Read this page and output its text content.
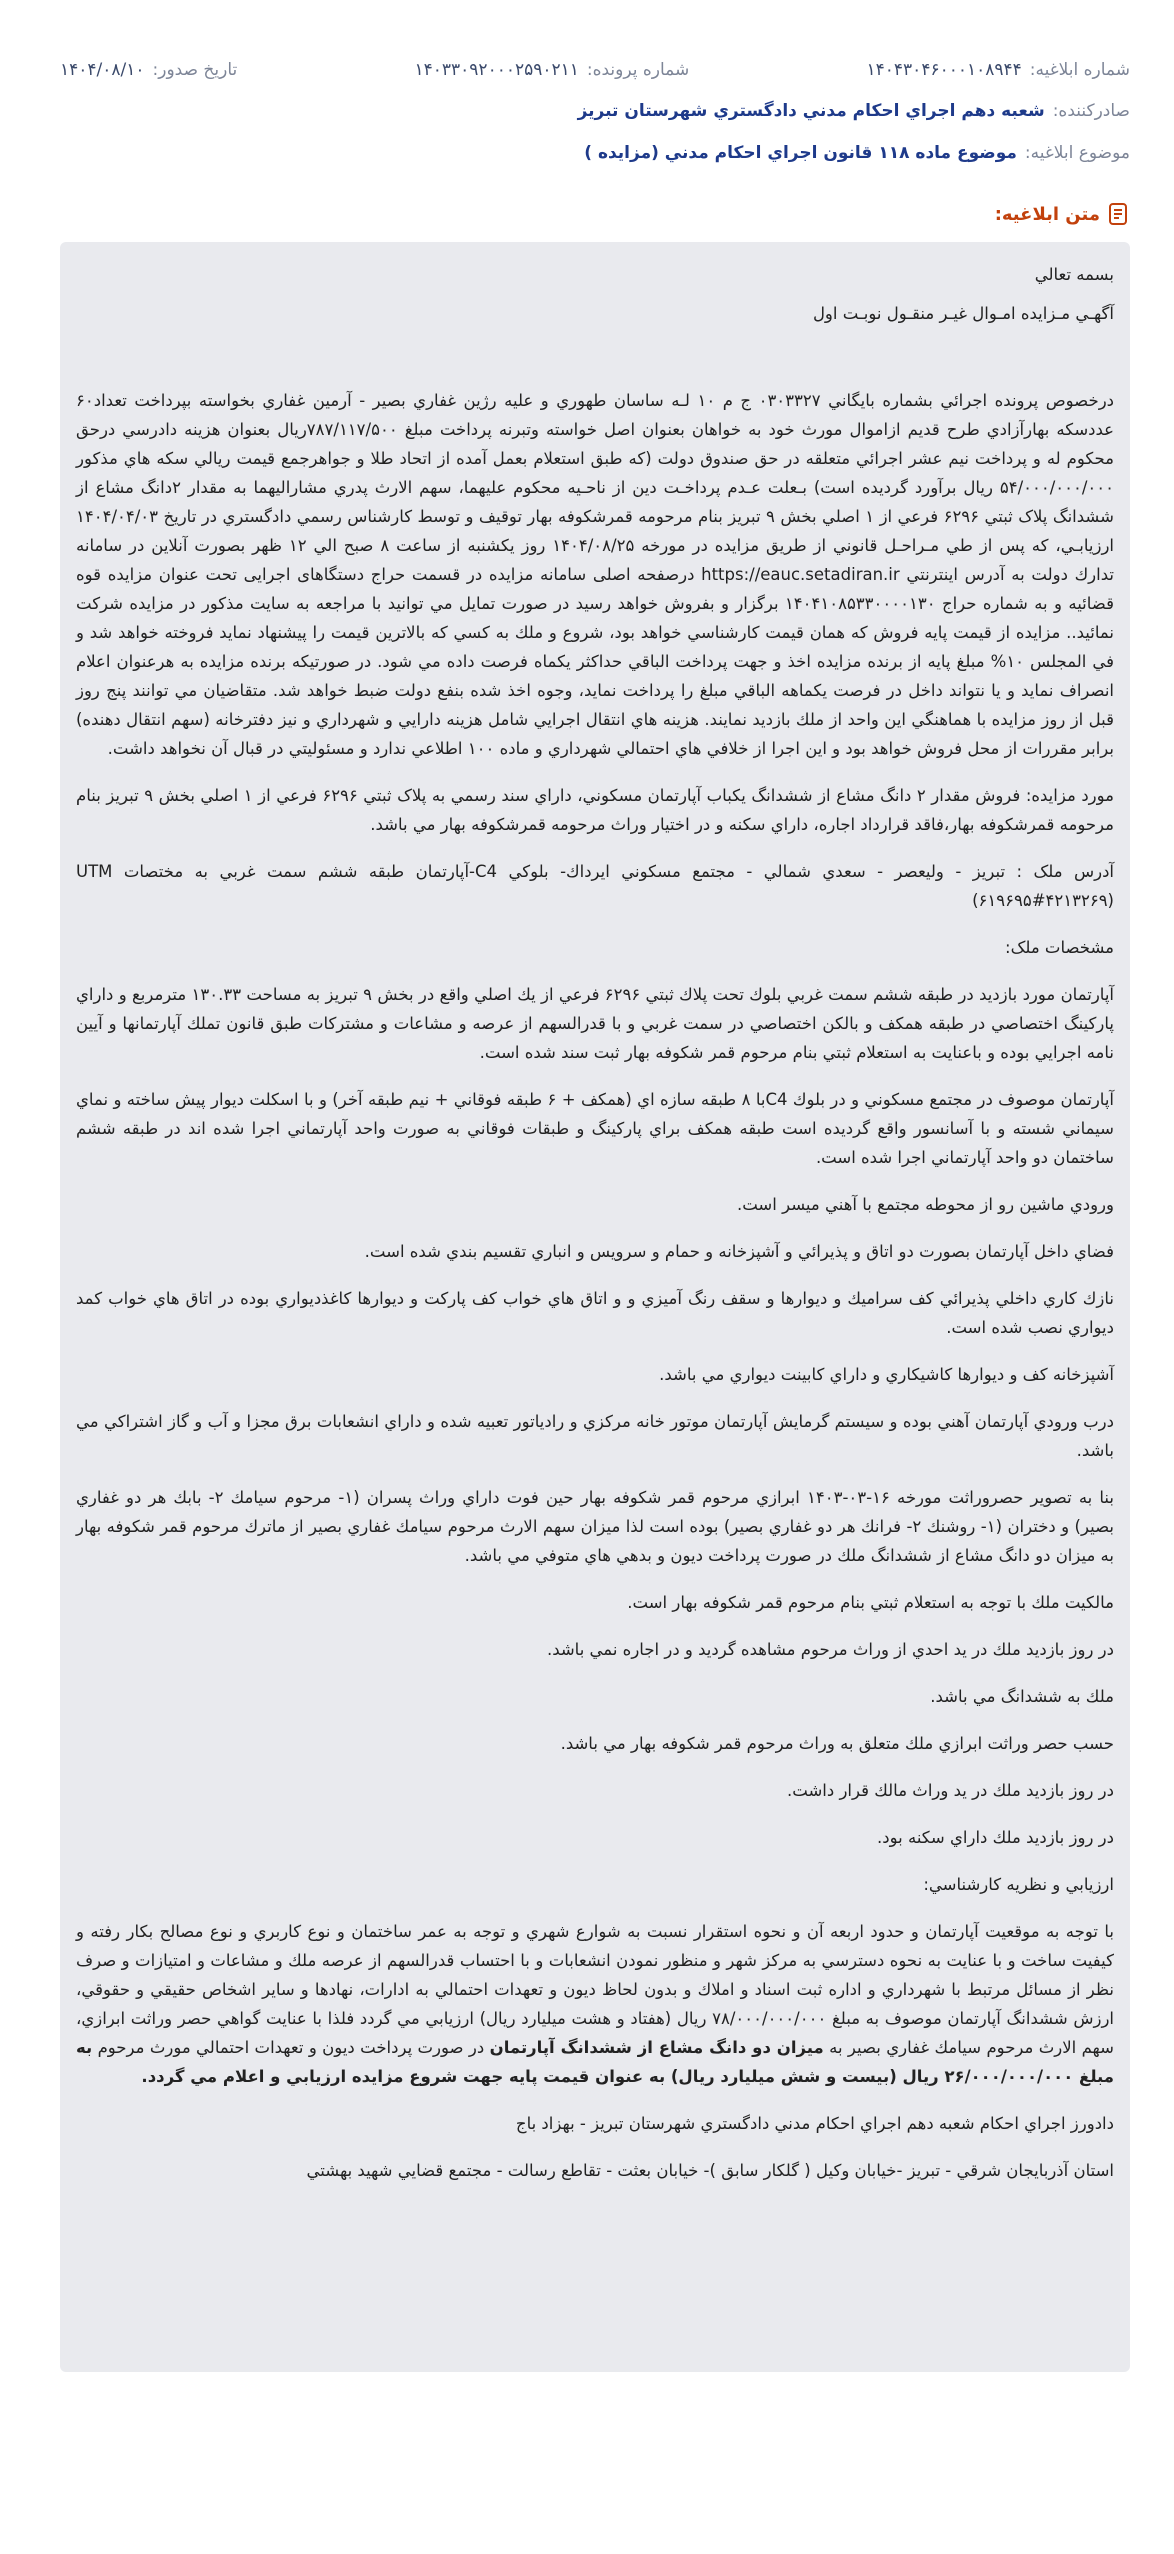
شماره ابلاغیه:
۱۴۰۴۳۰۴۶۰۰۰۱۰۸۹۴۴
شماره پرونده:
۱۴۰۳۳۰۹۲۰۰۰۲۵۹۰۲۱۱
تاریخ صدور:
۱۴۰۴/۰۸/۱۰
صادرکننده:
شعبه دهم اجراي احكام مدني دادگستري شهرستان تبريز
موضوع ابلاغیه:
موضوع ماده ۱۱۸ قانون اجراي احكام مدني (مزايده )
متن ابلاغیه:

بسمه تعالي

آگهـي مـزايده امـوال غيـر منقـول نوبـت اول

درخصوص پرونده اجرائي بشماره بايگاني ۰۳۰۳۳۲۷ ج م ۱۰ لـه ساسان طهوري و عليه رژين غفاري بصير - آرمين غفاري بخواسته بپرداخت تعداد۶۰ عددسکه بهارآزادي طرح قديم ازاموال مورث خود به خواهان بعنوان اصل خواسته وتبرنه پرداخت مبلغ ۷۸۷/۱۱۷/۵۰۰ريال بعنوان هزينه دادرسي درحق محکوم له و پرداخت نيم عشر اجرائي متعلقه در حق صندوق دولت (که طبق استعلام بعمل آمده از اتحاد طلا و جواهرجمع قيمت ريالي سکه هاي مذکور ۵۴/۰۰۰/۰۰۰/۰۰۰ ريال برآورد گرديده است) بـعلت عـدم پرداخـت دين از ناحـيه محکوم عليهما، سهم الارث پدري مشاراليهما به مقدار ۲دانگ مشاع از ششدانگ پلاک ثبتي ۶۲۹۶ فرعي از ۱ اصلي بخش ۹ تبريز بنام مرحومه قمرشکوفه بهار توقيف و توسط کارشناس رسمي دادگستري در تاريخ ۱۴۰۴/۰۴/۰۳ ارزيابـي، كه پس از طي مـراحـل قانوني از طريق مزايده در مورخه ۱۴۰۴/۰۸/۲۵ روز يكشنبه از ساعت ۸ صبح الي ۱۲ ظهر بصورت آنلاين در سامانه تدارك دولت به آدرس اينترنتي https://eauc.setadiran.ir درصفحه اصلی سامانه مزايده در قسمت حراج دستگاهای اجرایی تحت عنوان مزایده قوه قضائيه و به شماره حراج ۱۴۰۴۱۰۸۵۳۳۰۰۰۰۱۳۰ برگزار و بفروش خواهد رسيد در صورت تمايل مي توانيد با مراجعه به سايت مذكور در مزايده شركت نمائيد.. مزايده از قيمت پايه فروش كه همان قيمت كارشناسي خواهد بود، شروع و ملك به كسي كه بالاترين قيمت را پيشنهاد نمايد فروخته خواهد شد و في المجلس ۱۰% مبلغ پايه از برنده مزايده اخذ و جهت پرداخت الباقي حداكثر يكماه فرصت داده مي شود. در صورتيكه برنده مزايده به هرعنوان اعلام انصراف نمايد و يا نتواند داخل در فرصت يكماهه الباقي مبلغ را پرداخت نمايد، وجوه اخذ شده بنفع دولت ضبط خواهد شد. متقاضيان مي توانند پنج روز قبل از روز مزايده با هماهنگي اين واحد از ملك بازديد نمايند. هزينه هاي انتقال اجرايي شامل هزينه دارايي و شهرداري و نيز دفترخانه (سهم انتقال دهنده) برابر مقررات از محل فروش خواهد بود و اين اجرا از خلافي هاي احتمالي شهرداري و ماده ۱۰۰ اطلاعي ندارد و مسئوليتي در قبال آن نخواهد داشت.

مورد مزايده: فروش مقدار ۲ دانگ مشاع از ششدانگ يکباب آپارتمان مسکوني، داراي سند رسمي به پلاک ثبتي ۶۲۹۶ فرعي از ۱ اصلي بخش ۹ تبريز بنام مرحومه قمرشکوفه بهار،فاقد قرارداد اجاره، داراي سکنه و در اختيار وراث مرحومه قمرشکوفه بهار مي باشد.

آدرس ملک : تبريز - وليعصر - سعدي شمالي - مجتمع مسکوني ايرداك- بلوكي C4-آپارتمان طبقه ششم سمت غربي به مختصات UTM (۶۱۹۶۹۵#۴۲۱۳۲۶۹)

مشخصات ملک:

آپارتمان مورد بازديد در طبقه ششم سمت غربي بلوك تحت پلاك ثبتي ۶۲۹۶ فرعي از يك اصلي واقع در بخش ۹ تبريز به مساحت ۱۳۰.۳۳ مترمربع و داراي پاركينگ اختصاصي در طبقه همكف و بالكن اختصاصي در سمت غربي و با قدرالسهم از عرصه و مشاعات و مشتركات طبق قانون تملك آپارتمانها و آيين نامه اجرايي بوده و باعنايت به استعلام ثبتي بنام مرحوم قمر شكوفه بهار ثبت سند شده است.

آپارتمان موصوف در مجتمع مسكوني و در بلوك C4با ۸ طبقه سازه اي (همكف + ۶ طبقه فوقاني + نيم طبقه آخر) و با اسكلت ديوار پيش ساخته و نماي سيماني شسته و با آسانسور واقع گرديده است طبقه همكف براي پاركينگ و طبقات فوقاني به صورت واحد آپارتماني اجرا شده اند در طبقه ششم ساختمان دو واحد آپارتماني اجرا شده است.

ورودي ماشين رو از محوطه مجتمع با آهني ميسر است.

فضاي داخل آپارتمان بصورت دو اتاق و پذيرائي و آشپزخانه و حمام و سرويس و انباري تقسيم بندي شده است.

نازك كاري داخلي پذيرائي كف سراميك و ديوارها و سقف رنگ آميزي و و اتاق هاي خواب كف پاركت و ديوارها كاغذديواري بوده در اتاق هاي خواب كمد ديواري نصب شده است.

آشپزخانه كف و ديوارها كاشيكاري و داراي كابينت ديواري مي باشد.

درب ورودي آپارتمان آهني بوده و سيستم گرمايش آپارتمان موتور خانه مركزي و رادياتور تعبيه شده و داراي انشعابات برق مجزا و آب و گاز اشتراكي مي باشد.

بنا به تصوير حصروراثت مورخه ۱۶-۰۳-۱۴۰۳ ابرازي مرحوم قمر شكوفه بهار حين فوت داراي وراث پسران (۱- مرحوم سيامك ۲- بابك هر دو غفاري بصير) و دختران (۱- روشنك ۲- فرانك هر دو غفاري بصير) بوده است لذا ميزان سهم الارث مرحوم سيامك غفاري بصير از ماترك مرحوم قمر شكوفه بهار به ميزان دو دانگ مشاع از ششدانگ ملك در صورت پرداخت ديون و بدهي هاي متوفي مي باشد.

مالكيت ملك با توجه به استعلام ثبتي بنام مرحوم قمر شكوفه بهار است.

در روز بازديد ملك در يد احدي از وراث مرحوم مشاهده گرديد و در اجاره نمي باشد.

ملك به ششدانگ مي باشد.

حسب حصر وراثت ابرازي ملك متعلق به وراث مرحوم قمر شكوفه بهار مي باشد.

در روز بازديد ملك در يد وراث مالك قرار داشت.

در روز بازديد ملك داراي سكنه بود.

ارزيابي و نظريه كارشناسي:

با توجه به موقعيت آپارتمان و حدود اربعه آن و نحوه استقرار نسبت به شوارع شهري و توجه به عمر ساختمان و نوع كاربري و نوع مصالح بكار رفته و كيفيت ساخت و با عنايت به نحوه دسترسي به مركز شهر و منظور نمودن انشعابات و با احتساب قدرالسهم از عرصه ملك و مشاعات و امتيازات و صرف نظر از مسائل مرتبط با شهرداري و اداره ثبت اسناد و املاك و بدون لحاظ ديون و تعهدات احتمالي به ادارات، نهادها و ساير اشخاص حقيقي و حقوقي، ارزش ششدانگ آپارتمان موصوف به مبلغ ۷۸/۰۰۰/۰۰۰/۰۰۰ ريال (هفتاد و هشت ميليارد ريال) ارزيابي مي گردد فلذا با عنايت گواهي حصر وراثت ابرازي، سهم الارث مرحوم سيامك غفاري بصير به ميزان دو دانگ مشاع از ششدانگ آپارتمان در صورت پرداخت ديون و تعهدات احتمالي مورث مرحوم به مبلغ ۲۶/۰۰۰/۰۰۰/۰۰۰ ريال (بيست و شش ميليارد ريال) به عنوان قيمت پايه جهت شروع مزايده ارزيابي و اعلام مي گردد.

دادورز اجراي احكام شعبه دهم اجراي احكام مدني دادگستري شهرستان تبريز - بهزاد باج

استان آذربايجان شرقي - تبريز -خيابان وكيل ( گلكار سابق )- خيابان بعثت - تقاطع رسالت - مجتمع قضايي شهيد بهشتي
